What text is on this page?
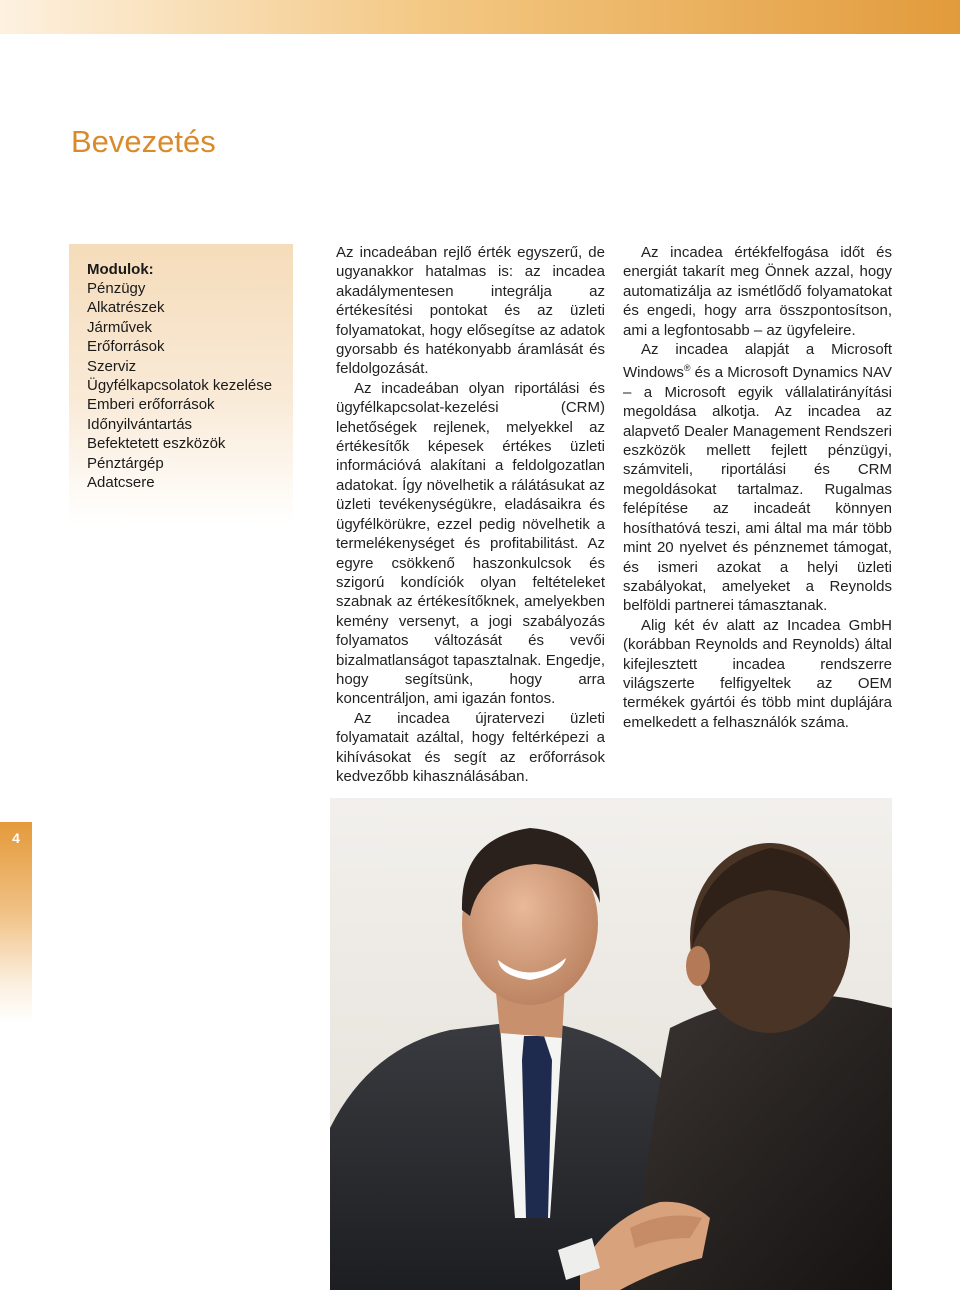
Bevezetés
Modulok:
Pénzügy
Alkatrészek
Járművek
Erőforrások
Szerviz
Ügyfélkapcsolatok kezelése
Emberi erőforrások
Időnyilvántartás
Befektetett eszközök
Pénztárgép
Adatcsere

Az incadeában rejlő érték egyszerű, de ugyanakkor hatalmas is: az incadea akadálymentesen integrálja az értékesítési pontokat és az üzleti folyamatokat, hogy elősegítse az adatok gyorsabb és hatékonyabb áramlását és feldolgozását.

Az incadeában olyan riportálási és ügyfélkapcsolat-kezelési (CRM) lehetőségek rejlenek, melyekkel az értékesítők képesek értékes üzleti információvá alakítani a feldolgozatlan adatokat. Így növelhetik a rálátásukat az üzleti tevékenységükre, eladásaikra és ügyfélkörükre, ezzel pedig növelhetik a termelékenységet és profitabilitást. Az egyre csökkenő haszonkulcsok és szigorú kondíciók olyan feltételeket szabnak az értékesítőknek, amelyekben kemény versenyt, a jogi szabályozás folyamatos változását és vevői bizalmatlanságot tapasztalnak. Engedje, hogy segítsünk, hogy arra koncentráljon, ami igazán fontos.

Az incadea újratervezi üzleti folyamatait azáltal, hogy feltérképezi a kihívásokat és segít az erőforrások kedvezőbb kihasználásában.

Az incadea értékfelfogása időt és energiát takarít meg Önnek azzal, hogy automatizálja az ismétlődő folyamatokat és engedi, hogy arra összpontosítson, ami a legfontosabb – az ügyfeleire.

Az incadea alapját a Microsoft Windows® és a Microsoft Dynamics NAV – a Microsoft egyik vállalatirányítási megoldása alkotja. Az incadea az alapvető Dealer Management Rendszeri eszközök mellett fejlett pénzügyi, számviteli, riportálási és CRM megoldásokat tartalmaz. Rugalmas felépítése az incadeát könnyen hosíthatóvá teszi, ami által ma már több mint 20 nyelvet és pénznemet támogat, és ismeri azokat a helyi üzleti szabályokat, amelyeket a Reynolds belföldi partnerei támasztanak.

Alig két év alatt az Incadea GmbH (korábban Reynolds and Reynolds) által kifejlesztett incadea rendszerre világszerte felfigyeltek az OEM termékek gyártói és több mint duplájára emelkedett a felhasználók száma.

4
